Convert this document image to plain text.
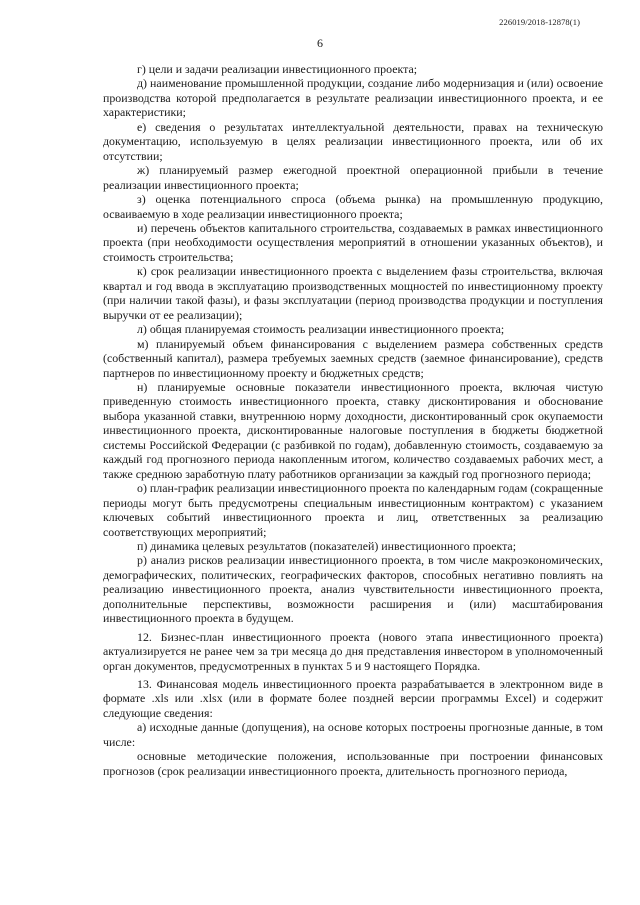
226019/2018-12878(1)
6

г) цели и задачи реализации инвестиционного проекта;

д) наименование промышленной продукции, создание либо модернизация и (или) освоение производства которой предполагается в результате реализации инвестиционного проекта, и ее характеристики;

е) сведения о результатах интеллектуальной деятельности, правах на техническую документацию, используемую в целях реализации инвестиционного проекта, или об их отсутствии;

ж) планируемый размер ежегодной проектной операционной прибыли в течение реализации инвестиционного проекта;

з) оценка потенциального спроса (объема рынка) на промышленную продукцию, осваиваемую в ходе реализации инвестиционного проекта;

и) перечень объектов капитального строительства, создаваемых в рамках инвестиционного проекта (при необходимости осуществления мероприятий в отношении указанных объектов), и стоимость строительства;

к) срок реализации инвестиционного проекта с выделением фазы строительства, включая квартал и год ввода в эксплуатацию производственных мощностей по инвестиционному проекту (при наличии такой фазы), и фазы эксплуатации (период производства продукции и поступления выручки от ее реализации);

л) общая планируемая стоимость реализации инвестиционного проекта;

м) планируемый объем финансирования с выделением размера собственных средств (собственный капитал), размера требуемых заемных средств (заемное финансирование), средств партнеров по инвестиционному проекту и бюджетных средств;

н) планируемые основные показатели инвестиционного проекта, включая чистую приведенную стоимость инвестиционного проекта, ставку дисконтирования и обоснование выбора указанной ставки, внутреннюю норму доходности, дисконтированный срок окупаемости инвестиционного проекта, дисконтированные налоговые поступления в бюджеты бюджетной системы Российской Федерации (с разбивкой по годам), добавленную стоимость, создаваемую за каждый год прогнозного периода накопленным итогом, количество создаваемых рабочих мест, а также среднюю заработную плату работников организации за каждый год прогнозного периода;

о) план-график реализации инвестиционного проекта по календарным годам (сокращенные периоды могут быть предусмотрены специальным инвестиционным контрактом) с указанием ключевых событий инвестиционного проекта и лиц, ответственных за реализацию соответствующих мероприятий;

п) динамика целевых результатов (показателей) инвестиционного проекта;

р) анализ рисков реализации инвестиционного проекта, в том числе макроэкономических, демографических, политических, географических факторов, способных негативно повлиять на реализацию инвестиционного проекта, анализ чувствительности инвестиционного проекта, дополнительные перспективы, возможности расширения и (или) масштабирования инвестиционного проекта в будущем.

12. Бизнес-план инвестиционного проекта (нового этапа инвестиционного проекта) актуализируется не ранее чем за три месяца до дня представления инвестором в уполномоченный орган документов, предусмотренных в пунктах 5 и 9 настоящего Порядка.

13. Финансовая модель инвестиционного проекта разрабатывается в электронном виде в формате .xls или .xlsx (или в формате более поздней версии программы Excel) и содержит следующие сведения:

а) исходные данные (допущения), на основе которых построены прогнозные данные, в том числе:

основные методические положения, использованные при построении финансовых прогнозов (срок реализации инвестиционного проекта, длительность прогнозного периода,
